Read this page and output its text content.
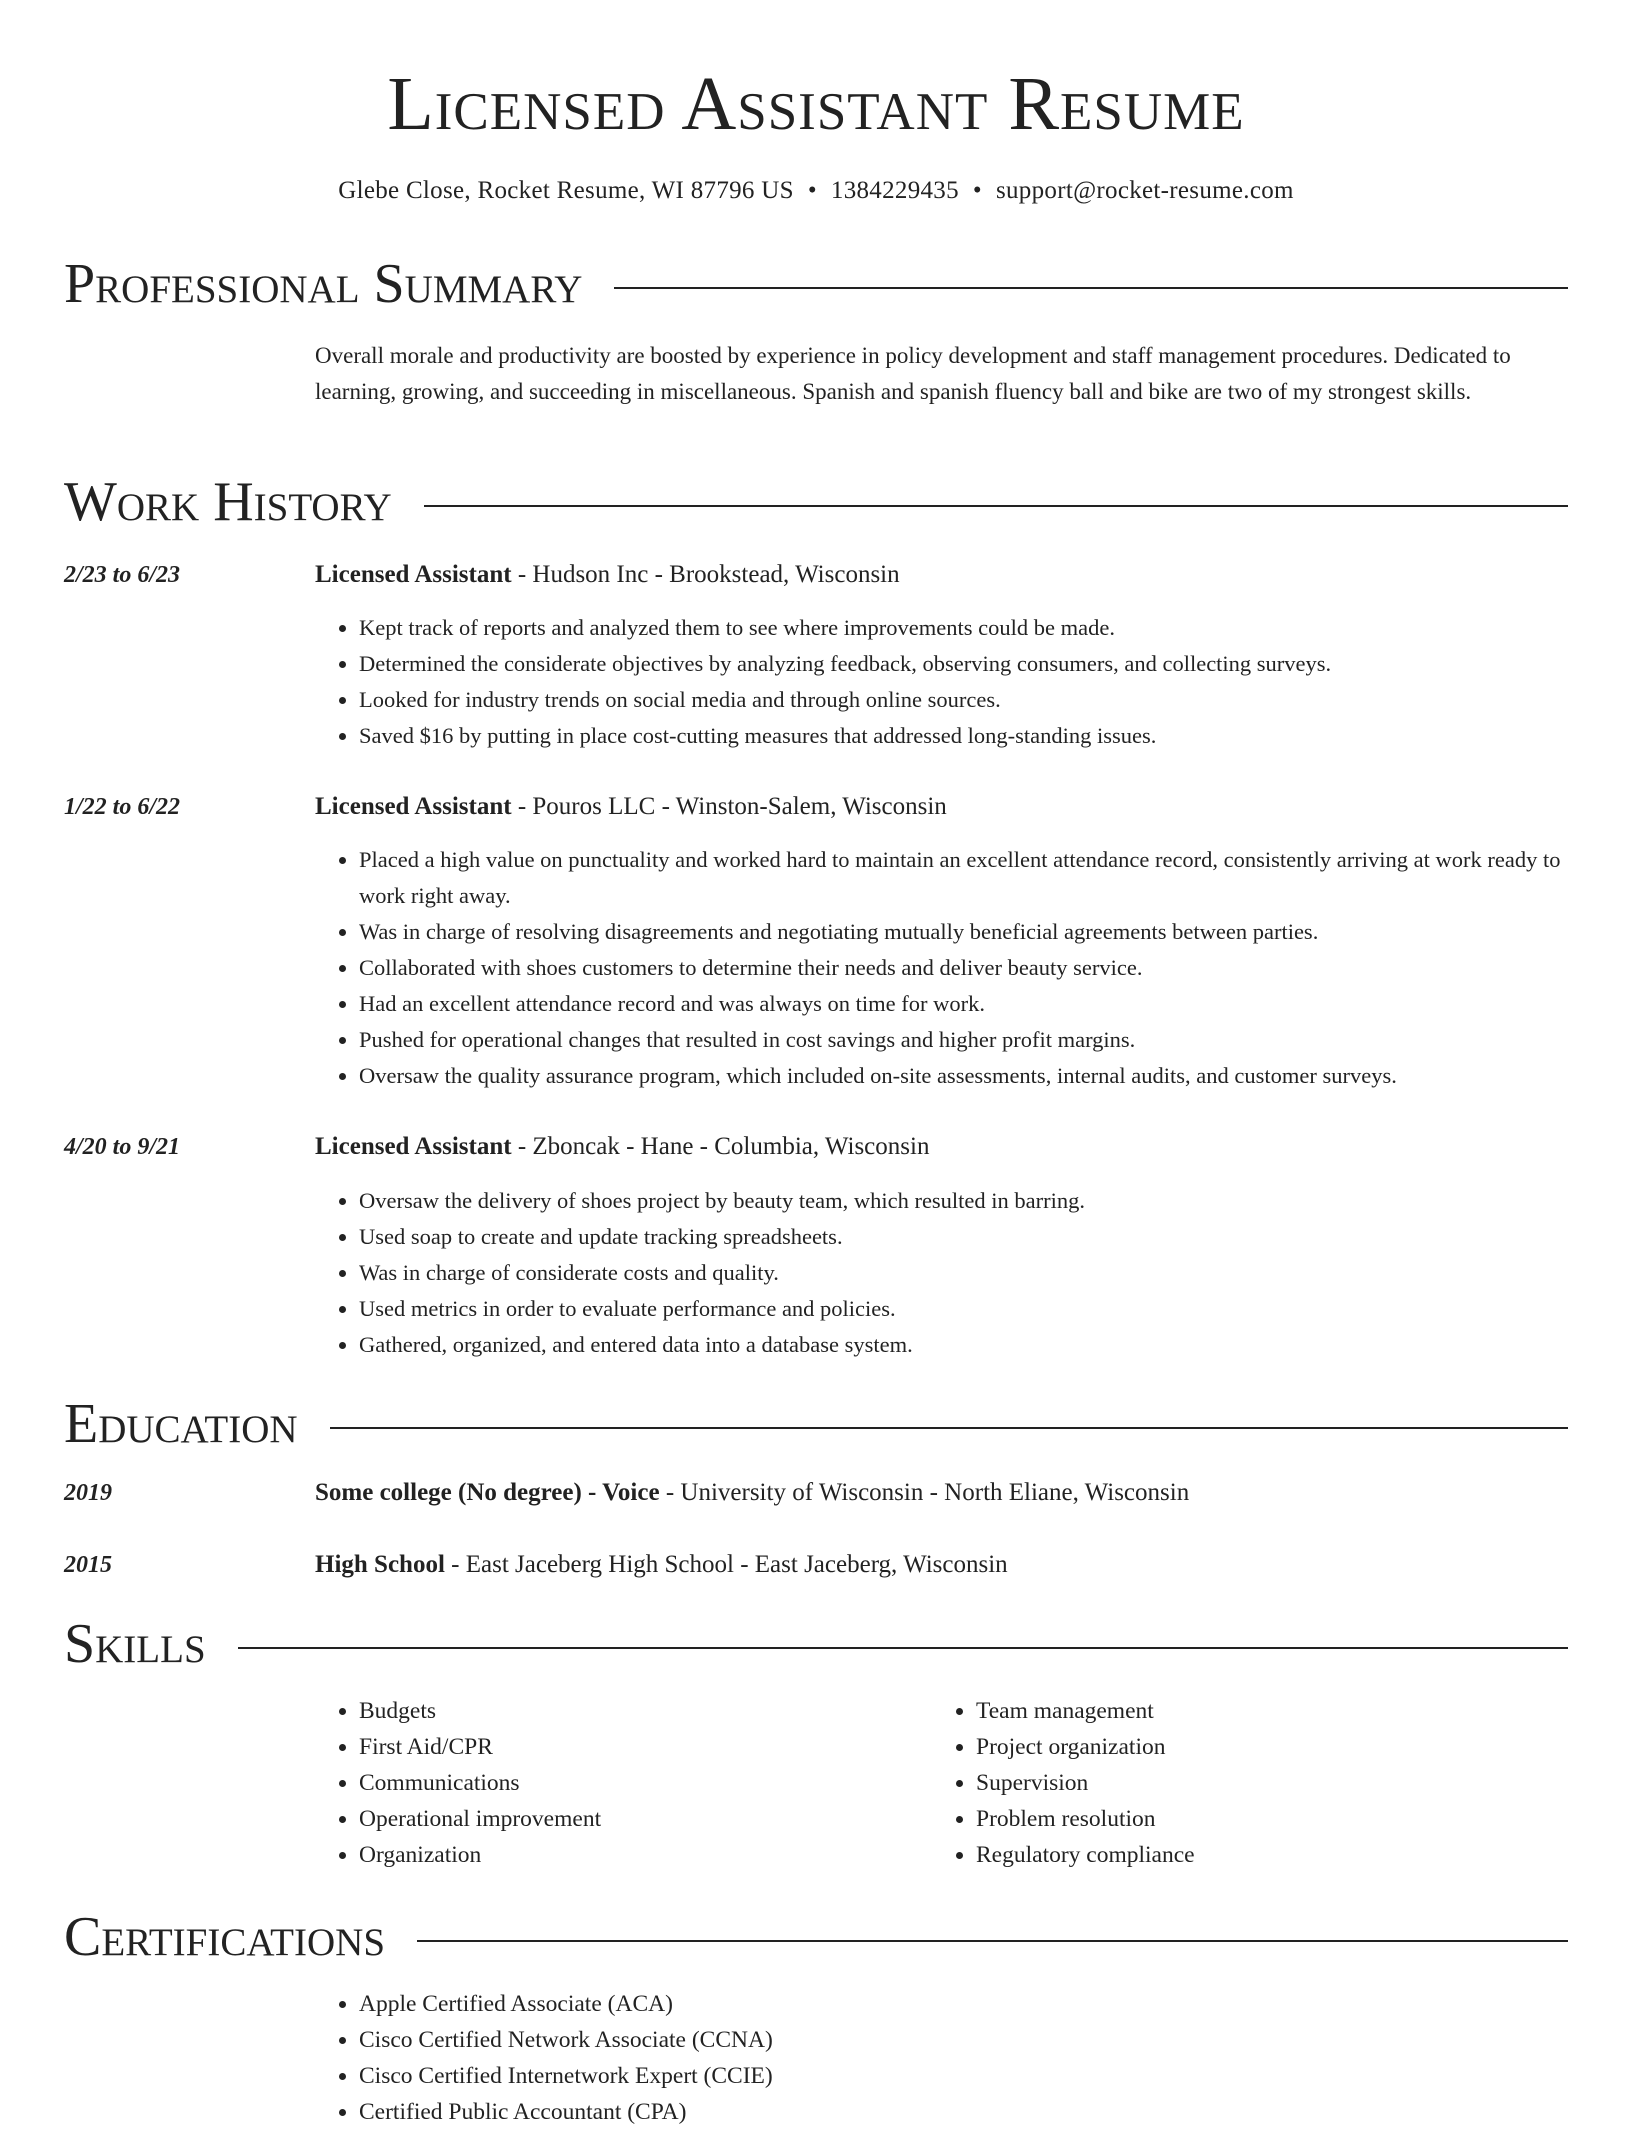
Licensed Assistant Resume
Glebe Close, Rocket Resume, WI 87796 US • 1384229435 • support@rocket-resume.com
Professional Summary
Overall morale and productivity are boosted by experience in policy development and staff management procedures. Dedicated to learning, growing, and succeeding in miscellaneous. Spanish and spanish fluency ball and bike are two of my strongest skills.
Work History
2/23 to 6/23	Licensed Assistant - Hudson Inc - Brookstead, Wisconsin
• Kept track of reports and analyzed them to see where improvements could be made.
• Determined the considerate objectives by analyzing feedback, observing consumers, and collecting surveys.
• Looked for industry trends on social media and through online sources.
• Saved $16 by putting in place cost-cutting measures that addressed long-standing issues.
1/22 to 6/22	Licensed Assistant - Pouros LLC - Winston-Salem, Wisconsin
• Placed a high value on punctuality and worked hard to maintain an excellent attendance record, consistently arriving at work ready to work right away.
• Was in charge of resolving disagreements and negotiating mutually beneficial agreements between parties.
• Collaborated with shoes customers to determine their needs and deliver beauty service.
• Had an excellent attendance record and was always on time for work.
• Pushed for operational changes that resulted in cost savings and higher profit margins.
• Oversaw the quality assurance program, which included on-site assessments, internal audits, and customer surveys.
4/20 to 9/21	Licensed Assistant - Zboncak - Hane - Columbia, Wisconsin
• Oversaw the delivery of shoes project by beauty team, which resulted in barring.
• Used soap to create and update tracking spreadsheets.
• Was in charge of considerate costs and quality.
• Used metrics in order to evaluate performance and policies.
• Gathered, organized, and entered data into a database system.
Education
2019	Some college (No degree) - Voice - University of Wisconsin - North Eliane, Wisconsin
2015	High School - East Jaceberg High School - East Jaceberg, Wisconsin
Skills
• Budgets
• First Aid/CPR
• Communications
• Operational improvement
• Organization
• Team management
• Project organization
• Supervision
• Problem resolution
• Regulatory compliance
Certifications
• Apple Certified Associate (ACA)
• Cisco Certified Network Associate (CCNA)
• Cisco Certified Internetwork Expert (CCIE)
• Certified Public Accountant (CPA)
